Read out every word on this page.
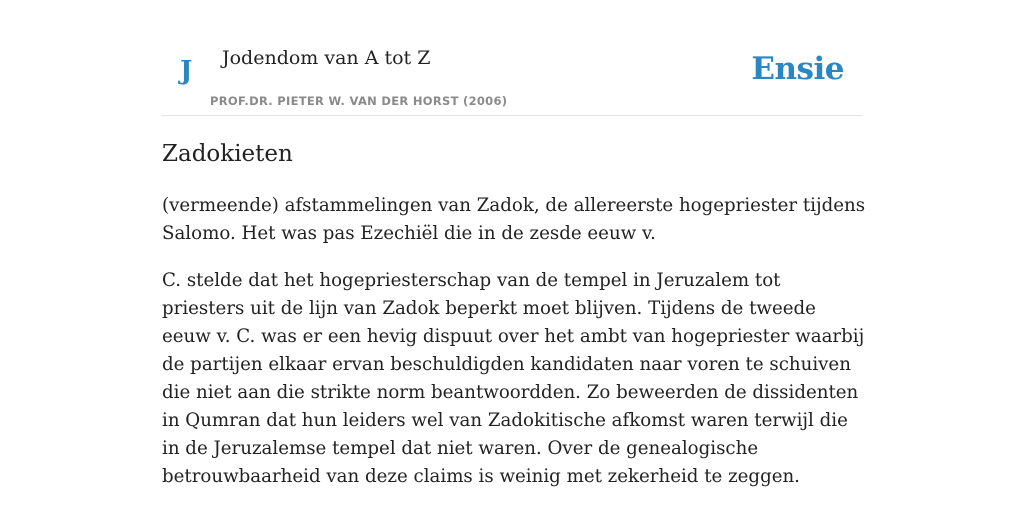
J Jodendom van A tot Z
PROF.DR. PIETER W. VAN DER HORST (2006)
Ensie
Zadokieten

(vermeende) afstammelingen van Zadok, de allereerste hogepriester tijdens Salomo. Het was pas Ezechiël die in de zesde eeuw v.

C. stelde dat het hogepriesterschap van de tempel in Jeruzalem tot priesters uit de lijn van Zadok beperkt moet blijven. Tijdens de tweede eeuw v. C. was er een hevig dispuut over het ambt van hogepriester waarbij de partijen elkaar ervan beschuldigden kandidaten naar voren te schuiven die niet aan die strikte norm beantwoordden. Zo beweerden de dissidenten in Qumran dat hun leiders wel van Zadokitische afkomst waren terwijl die in de Jeruzalemse tempel dat niet waren. Over de genealogische betrouwbaarheid van deze claims is weinig met zekerheid te zeggen.
